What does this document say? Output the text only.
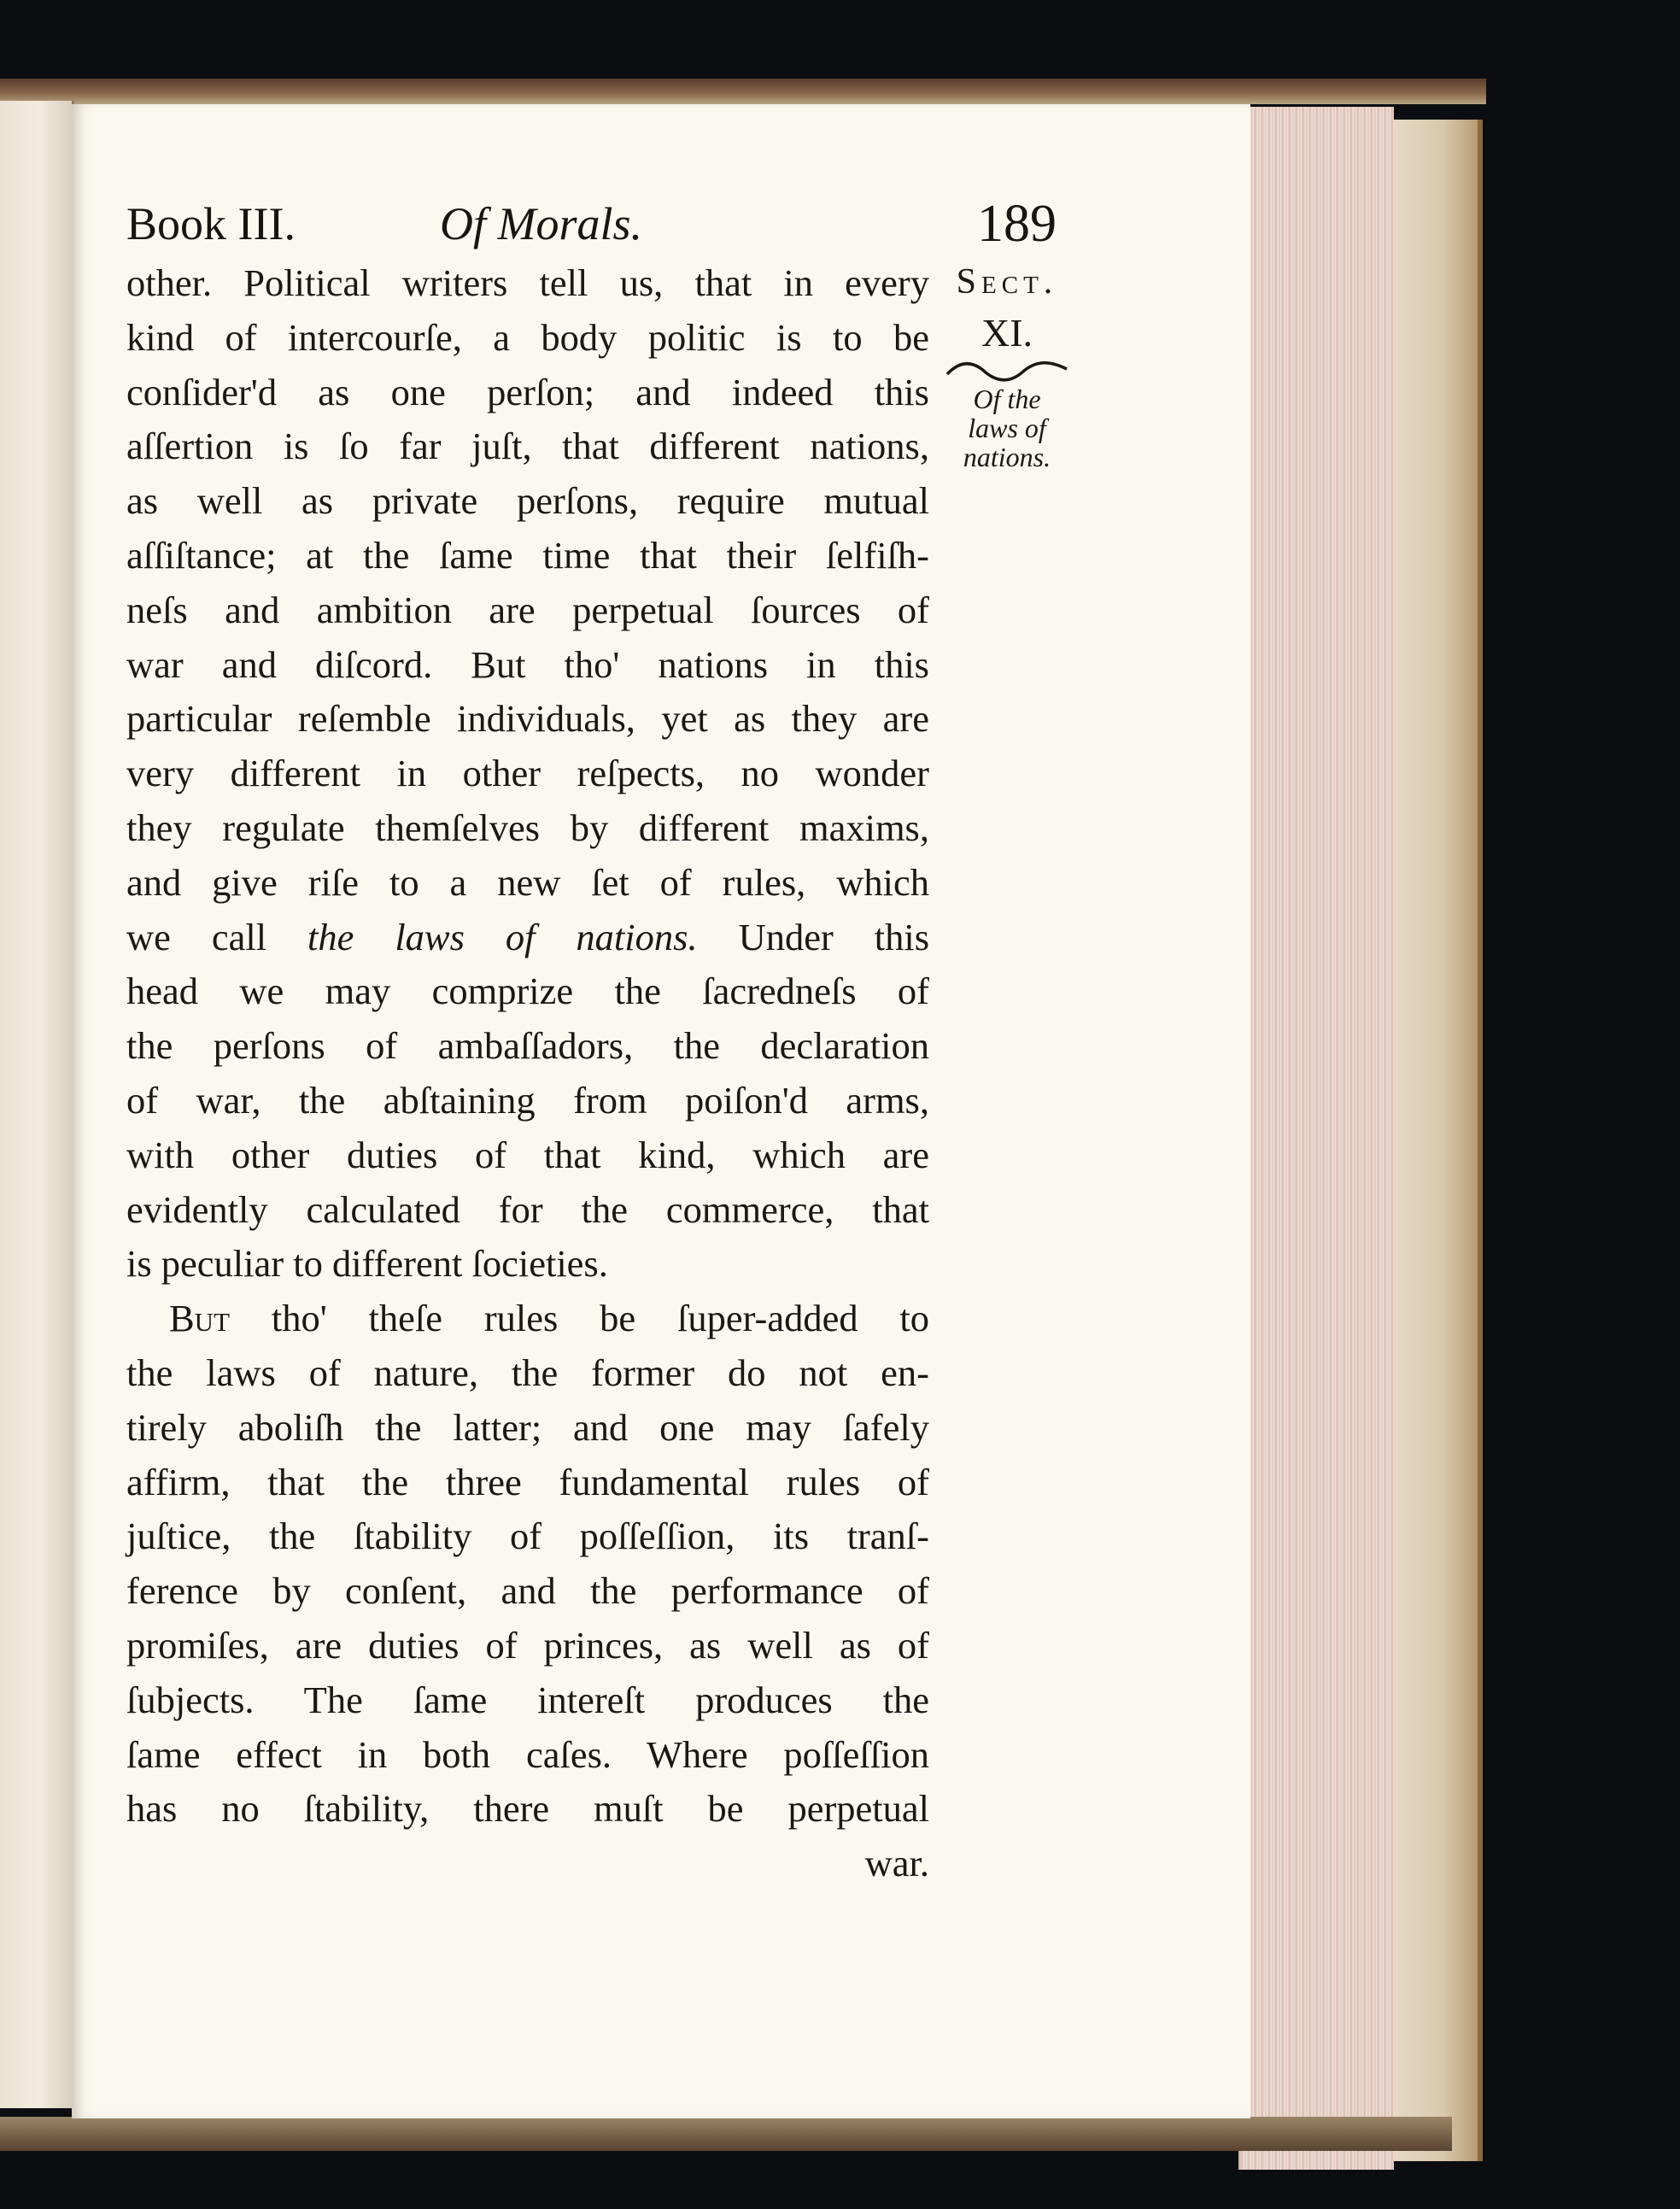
Book III.	Of Morals.	189
other. Political writers tell us, that in every
kind of intercourſe, a body politic is to be
conſider'd as one perſon; and indeed this
aſſertion is ſo far juſt, that different nations,
as well as private perſons, require mutual
aſſiſtance; at the ſame time that their ſelfiſh-
neſs and ambition are perpetual ſources of
war and diſcord. But tho' nations in this
particular reſemble individuals, yet as they are
very different in other reſpects, no wonder
they regulate themſelves by different maxims,
and give riſe to a new ſet of rules, which
we call the laws of nations. Under this
head we may comprize the ſacredneſs of
the perſons of ambaſſadors, the declaration
of war, the abſtaining from poiſon'd arms,
with other duties of that kind, which are
evidently calculated for the commerce, that
is peculiar to different ſocieties.
But tho' theſe rules be ſuper-added to
the laws of nature, the former do not en-
tirely aboliſh the latter; and one may ſafely
affirm, that the three fundamental rules of
juſtice, the ſtability of poſſeſſion, its tranſ-
ference by conſent, and the performance of
promiſes, are duties of princes, as well as of
ſubjects. The ſame intereſt produces the
ſame effect in both caſes. Where poſſeſſion
has no ſtability, there muſt be perpetual
war.
Sect.
XI.
Of the
laws of
nations.
